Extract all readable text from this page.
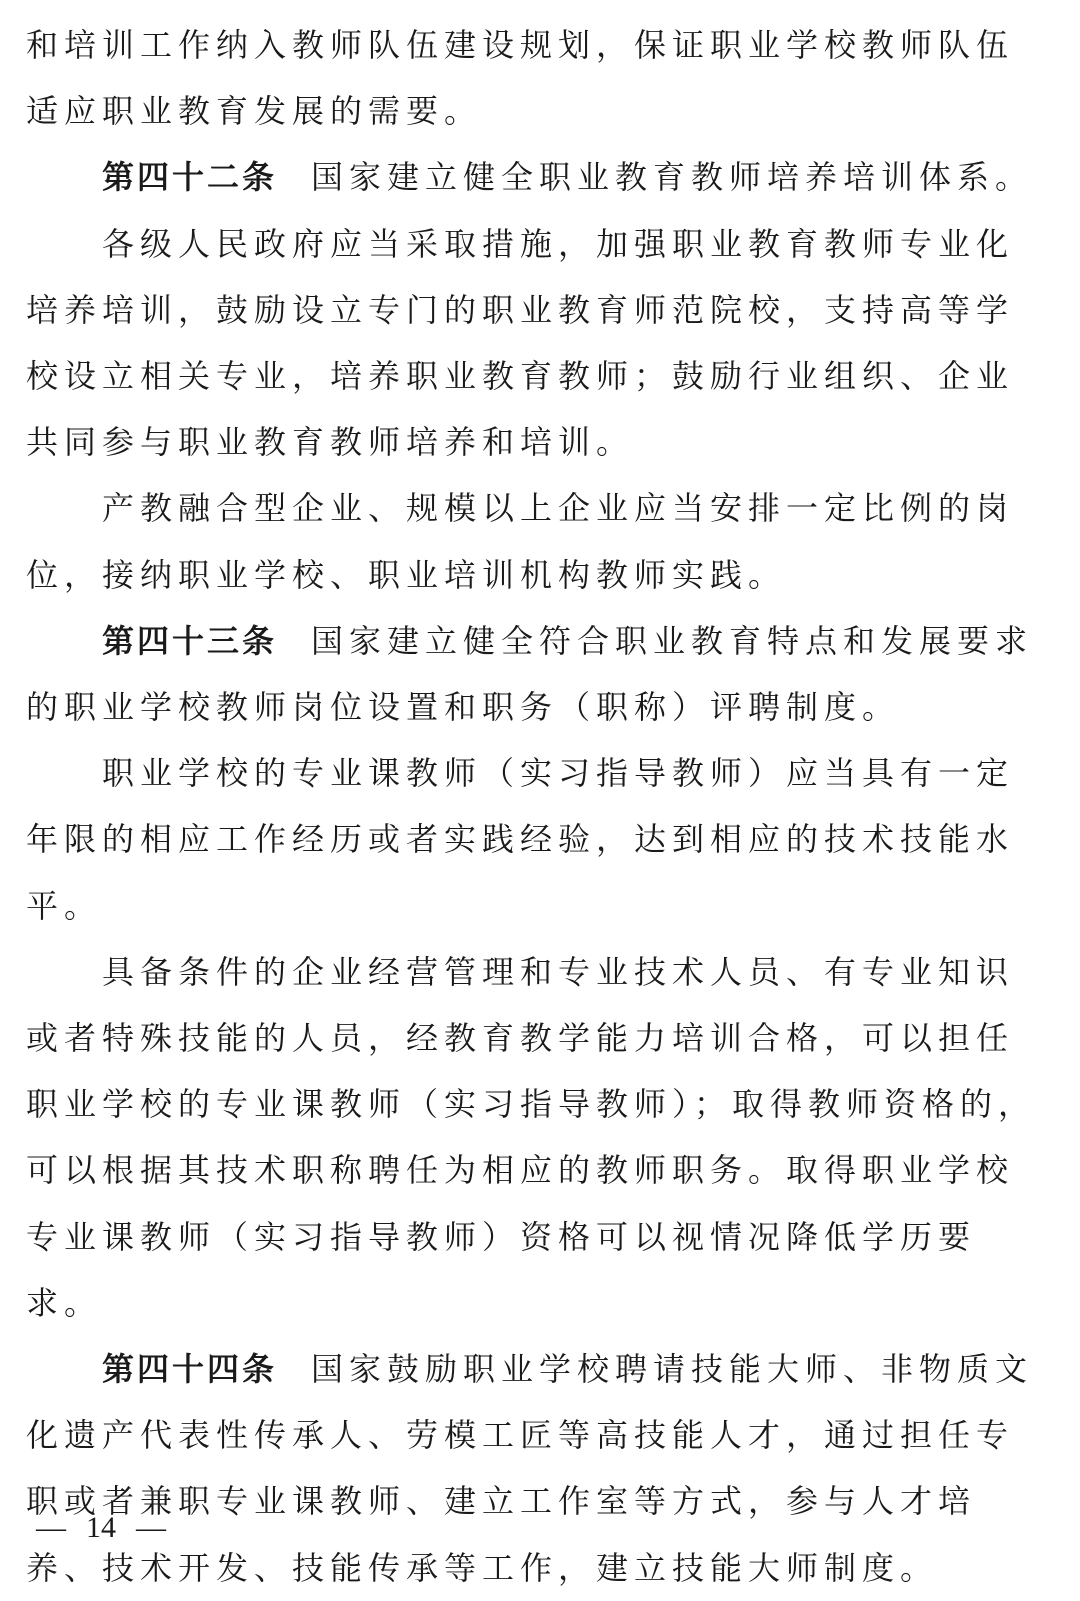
和培训工作纳入教师队伍建设规划，保证职业学校教师队伍适应职业教育发展的需要。

第四十二条 国家建立健全职业教育教师培养培训体系。

各级人民政府应当采取措施，加强职业教育教师专业化培养培训，鼓励设立专门的职业教育师范院校，支持高等学校设立相关专业，培养职业教育教师；鼓励行业组织、企业共同参与职业教育教师培养和培训。

产教融合型企业、规模以上企业应当安排一定比例的岗位，接纳职业学校、职业培训机构教师实践。

第四十三条 国家建立健全符合职业教育特点和发展要求的职业学校教师岗位设置和职务（职称）评聘制度。

职业学校的专业课教师（实习指导教师）应当具有一定年限的相应工作经历或者实践经验，达到相应的技术技能水平。

具备条件的企业经营管理和专业技术人员、有专业知识或者特殊技能的人员，经教育教学能力培训合格，可以担任职业学校的专业课教师（实习指导教师）；取得教师资格的，可以根据其技术职称聘任为相应的教师职务。取得职业学校专业课教师（实习指导教师）资格可以视情况降低学历要求。

第四十四条 国家鼓励职业学校聘请技能大师、非物质文化遗产代表性传承人、劳模工匠等高技能人才，通过担任专职或者兼职专业课教师、建立工作室等方式，参与人才培养、技术开发、技能传承等工作，建立技能大师制度。

— 14 —
